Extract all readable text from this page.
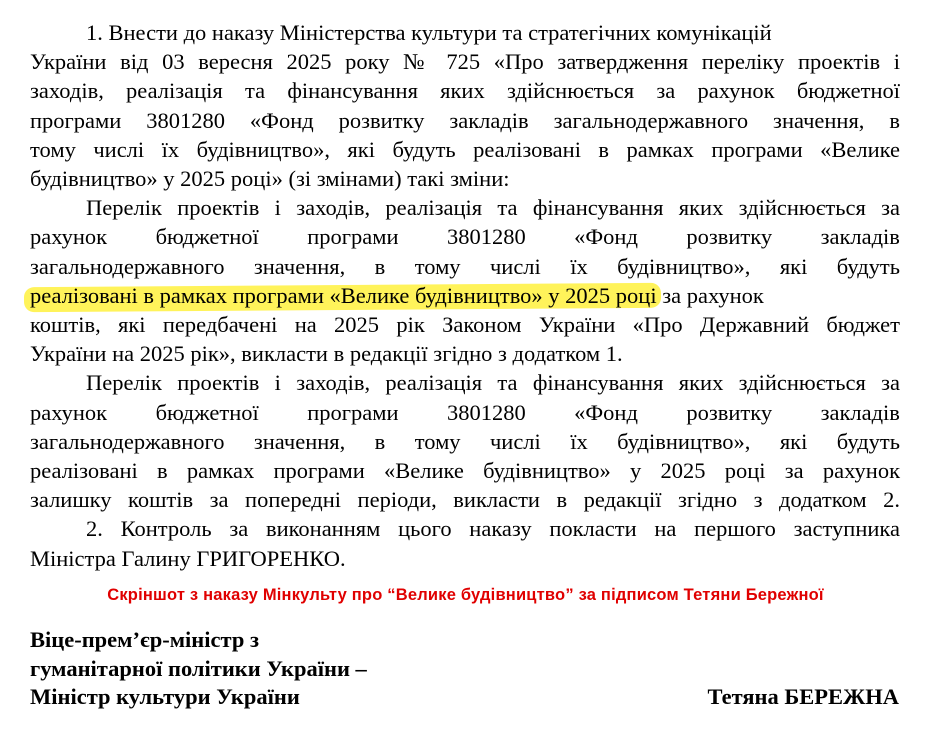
1. Внести до наказу Міністерства культури та стратегічних комунікацій
України від 03 вересня 2025 року № 725 «Про затвердження переліку проектів і
заходів, реалізація та фінансування яких здійснюється за рахунок бюджетної
програми 3801280 «Фонд розвитку закладів загальнодержавного значення, в
тому числі їх будівництво», які будуть реалізовані в рамках програми «Велике
будівництво» у 2025 році» (зі змінами) такі зміни:

Перелік проектів і заходів, реалізація та фінансування яких здійснюється за
рахунок бюджетної програми 3801280 «Фонд розвитку закладів
загальнодержавного значення, в тому числі їх будівництво», які будуть
реалізовані в рамках програми «Велике будівництво» у 2025 році за рахунок
коштів, які передбачені на 2025 рік Законом України «Про Державний бюджет
України на 2025 рік», викласти в редакції згідно з додатком 1.

Перелік проектів і заходів, реалізація та фінансування яких здійснюється за
рахунок бюджетної програми 3801280 «Фонд розвитку закладів
загальнодержавного значення, в тому числі їх будівництво», які будуть
реалізовані в рамках програми «Велике будівництво» у 2025 році за рахунок
залишку коштів за попередні періоди, викласти в редакції згідно з додатком 2.

2. Контроль за виконанням цього наказу покласти на першого заступника
Міністра Галину ГРИГОРЕНКО.

Скріншот з наказу Мінкульту про “Велике будівництво” за підписом Тетяни Бережної
Віце-прем’єр-міністр з
гуманітарної політики України –
Міністр культури України	Тетяна БЕРЕЖНА
